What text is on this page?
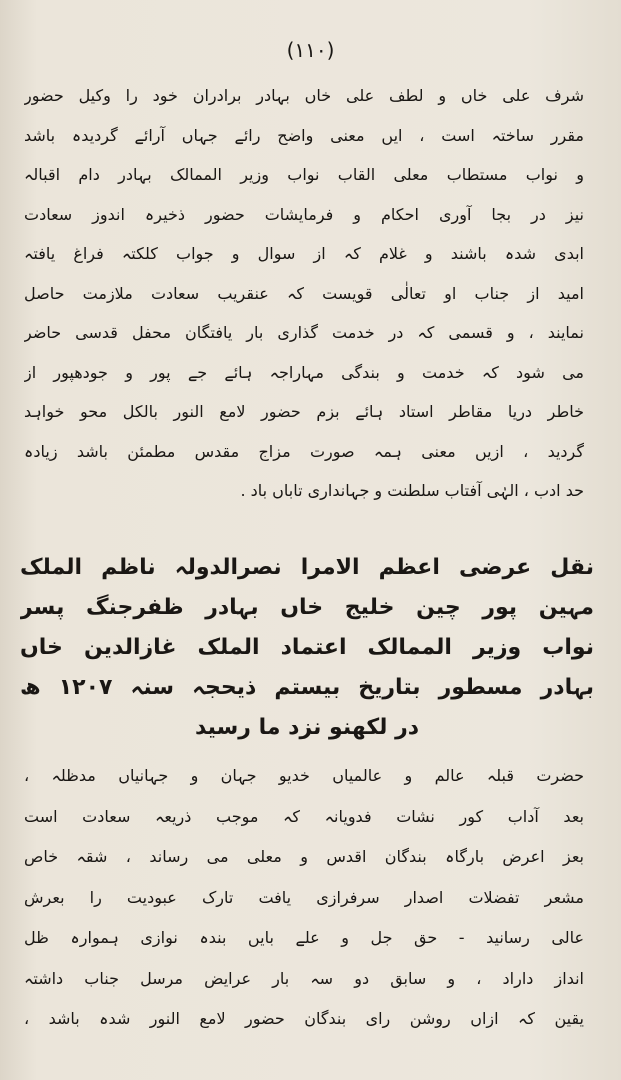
(۱۱۰)
شرف علی خاں و لطف علی خاں بہادر برادران خود را وکیل حضور
مقرر ساختہ است ، ایں معنی واضح رائے جہاں آرائے گردیدہ باشد
و نواب مستطاب معلی القاب نواب وزیر الممالک بہادر دام اقبالہ
نیز در بجا آوری احکام و فرمایشات حضور ذخیرہ اندوز سعادت
ابدی شدہ باشند و غلام کہ از سوال و جواب کلکتہ فراغ یافتہ
امید از جناب او تعالٰی قویست کہ عنقریب سعادت ملازمت حاصل
نمایند ، و قسمی کہ در خدمت گذاری بار یافتگان محفل قدسی حاضر
می شود کہ خدمت و بندگی مہاراجہ ہائے جے پور و جودھپور از
خاطر دریا مقاطر استاد ہائے بزم حضور لامع النور بالکل محو خواہد
گردید ، ازیں معنی ہمہ صورت مزاج مقدس مطمئن باشد زیادہ
حد ادب ، الہٰی آفتاب سلطنت و جہانداری تاباں باد .
نقل عرضی اعظم الامرا نصرالدولہ ناظم الملک
مہین پور چین خلیج خاں بہادر ظفرجنگ پسر
نواب وزیر الممالک اعتماد الملک غازالدین خاں
بہادر مسطور بتاریخ بیستم ذیحجہ سنہ ۱۲۰۷ ھ
در لکھنو نزد ما رسید
حضرت قبلہ عالم و عالمیاں خدیو جہان و جہانیاں مدظلہ ،
بعد آداب کور نشات فدویانہ کہ موجب ذریعہ سعادت است
بعز اعرض بارگاہ بندگان اقدس و معلی می رساند ، شقہ خاص
مشعر تفضلات اصدار سرفرازی یافت تارک عبودیت را بعرش
عالی رسانید - حق جل و علے بایں بندہ نوازی ہموارہ ظل
انداز داراد ، و سابق دو سہ بار عرایض مرسل جناب داشتہ
یقین کہ ازاں روشن رای بندگان حضور لامع النور شدہ باشد ،
